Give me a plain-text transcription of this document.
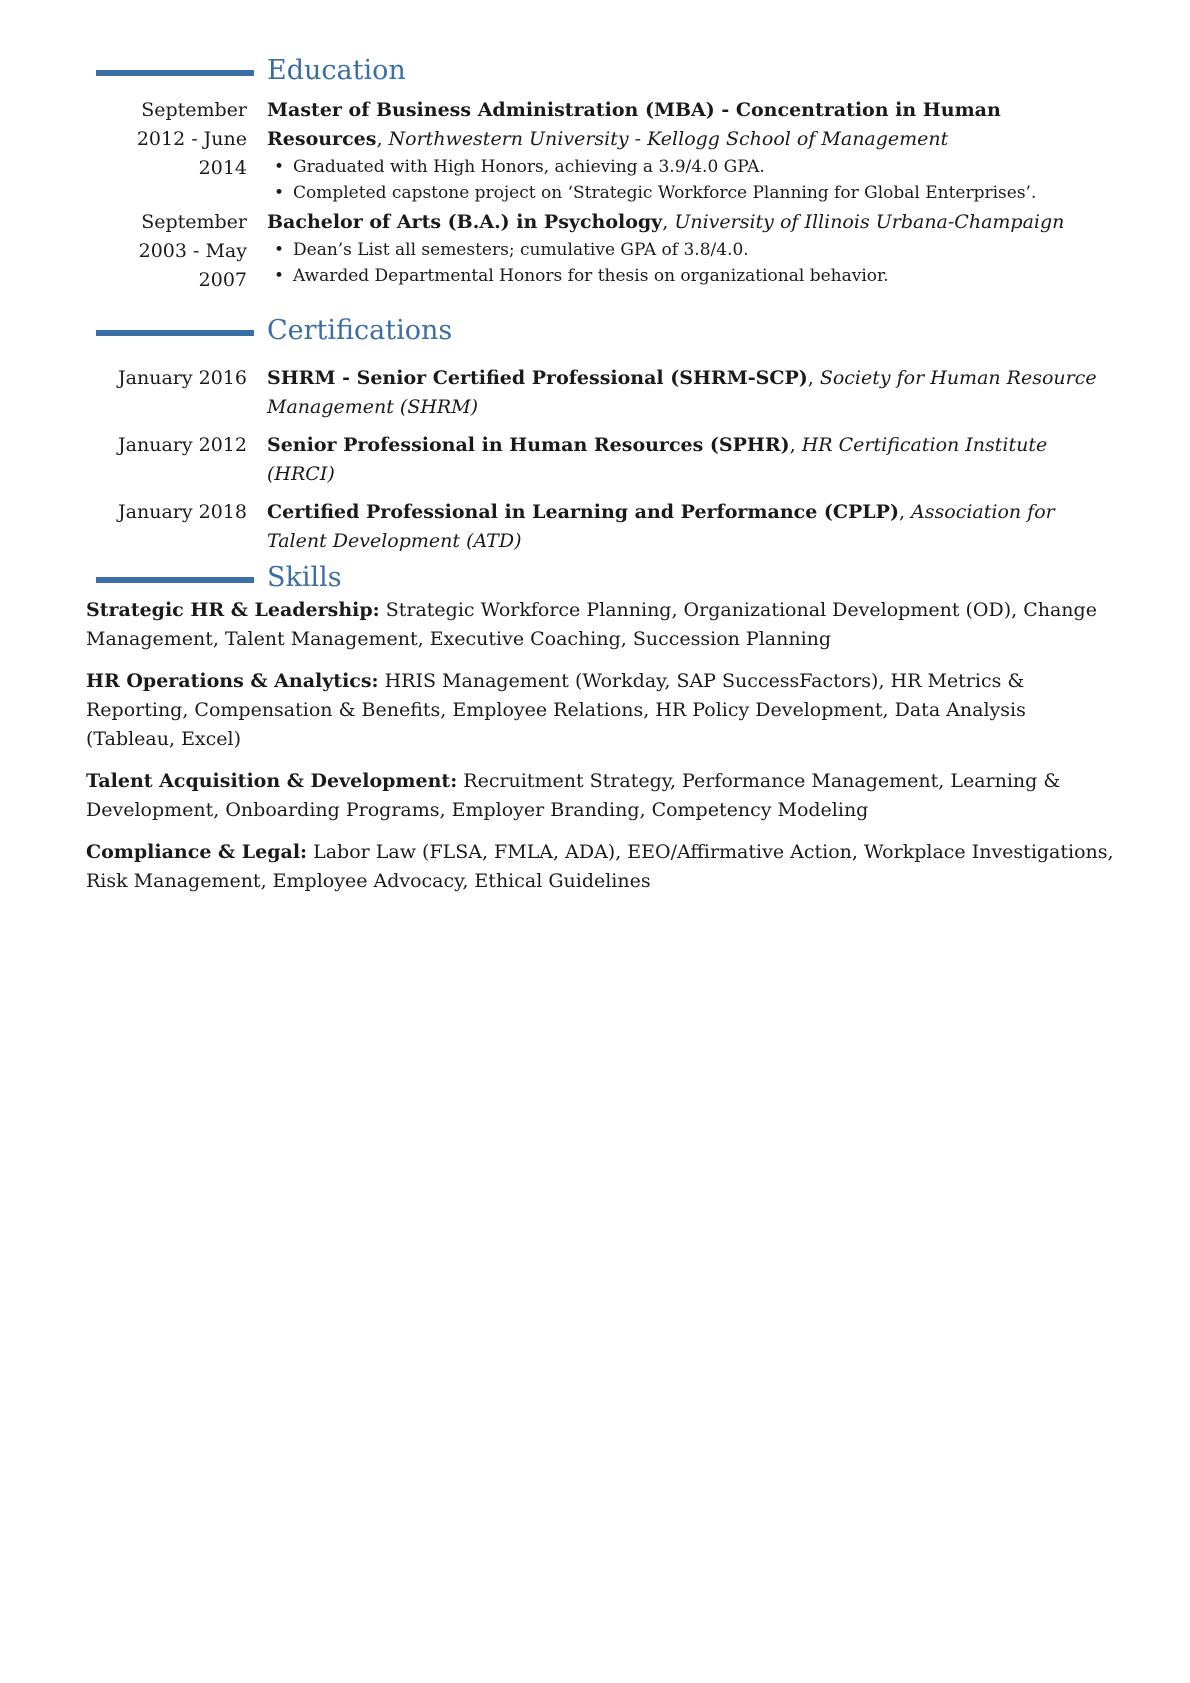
Education
September 2012 - June 2014
Master of Business Administration (MBA) - Concentration in Human Resources, Northwestern University - Kellogg School of Management
• Graduated with High Honors, achieving a 3.9/4.0 GPA.
• Completed capstone project on ‘Strategic Workforce Planning for Global Enterprises’.
September 2003 - May 2007
Bachelor of Arts (B.A.) in Psychology, University of Illinois Urbana-Champaign
• Dean’s List all semesters; cumulative GPA of 3.8/4.0.
• Awarded Departmental Honors for thesis on organizational behavior.
Certifications
January 2016 SHRM - Senior Certified Professional (SHRM-SCP), Society for Human Resource Management (SHRM)
January 2012 Senior Professional in Human Resources (SPHR), HR Certification Institute (HRCI)
January 2018 Certified Professional in Learning and Performance (CPLP), Association for Talent Development (ATD)
Skills
Strategic HR & Leadership: Strategic Workforce Planning, Organizational Development (OD), Change Management, Talent Management, Executive Coaching, Succession Planning
HR Operations & Analytics: HRIS Management (Workday, SAP SuccessFactors), HR Metrics & Reporting, Compensation & Benefits, Employee Relations, HR Policy Development, Data Analysis (Tableau, Excel)
Talent Acquisition & Development: Recruitment Strategy, Performance Management, Learning & Development, Onboarding Programs, Employer Branding, Competency Modeling
Compliance & Legal: Labor Law (FLSA, FMLA, ADA), EEO/Affirmative Action, Workplace Investigations, Risk Management, Employee Advocacy, Ethical Guidelines
